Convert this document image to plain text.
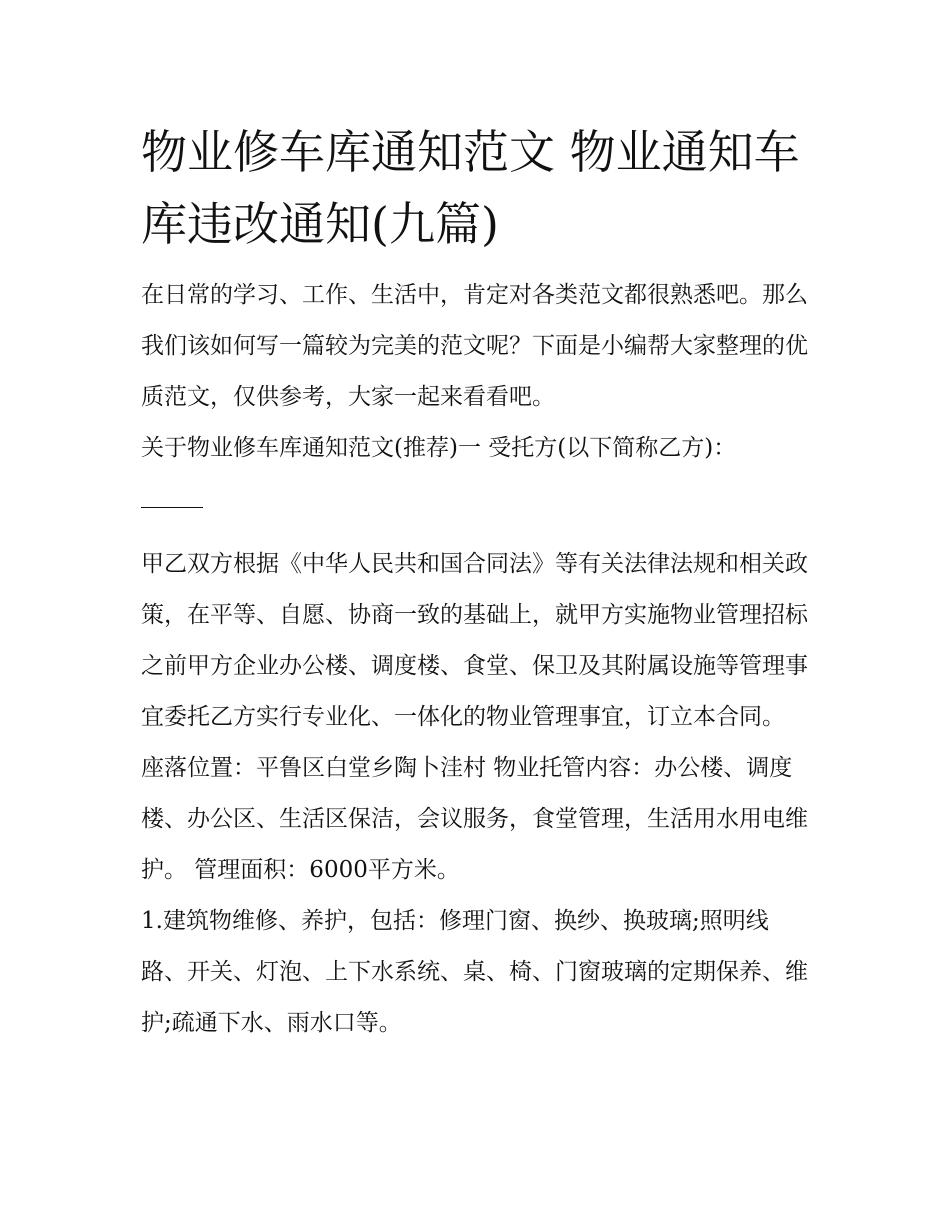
物业修车库通知范文 物业通知车库违改通知(九篇)

在日常的学习、工作、生活中，肯定对各类范文都很熟悉吧。那么我们该如何写一篇较为完美的范文呢？下面是小编帮大家整理的优质范文，仅供参考，大家一起来看看吧。

关于物业修车库通知范文(推荐)一 受托方(以下简称乙方)：

甲乙双方根据《中华人民共和国合同法》等有关法律法规和相关政策，在平等、自愿、协商一致的基础上，就甲方实施物业管理招标之前甲方企业办公楼、调度楼、食堂、保卫及其附属设施等管理事宜委托乙方实行专业化、一体化的物业管理事宜，订立本合同。

座落位置：平鲁区白堂乡陶卜洼村 物业托管内容：办公楼、调度楼、办公区、生活区保洁，会议服务，食堂管理，生活用水用电维护。 管理面积：6000平方米。

1.建筑物维修、养护，包括：修理门窗、换纱、换玻璃;照明线路、开关、灯泡、上下水系统、桌、椅、门窗玻璃的定期保养、维护;疏通下水、雨水口等。
